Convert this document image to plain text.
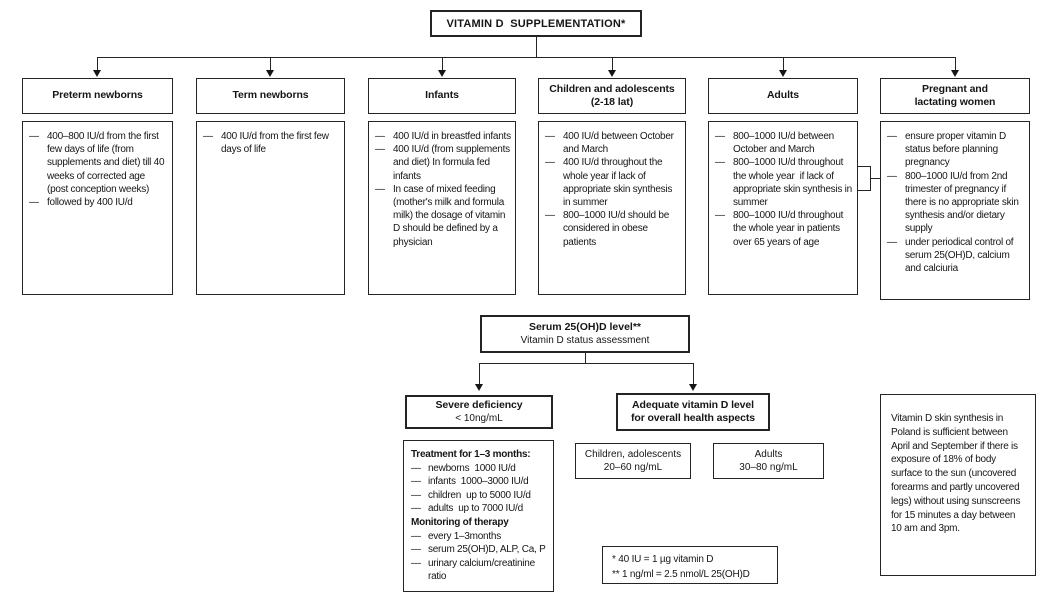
VITAMIN D  SUPPLEMENTATION*
Preterm newborns	Term newborns	Infants
Children and adolescents
(2-18 lat)
Adults
Pregnant and
lactating women
—
400–800 IU/d from the first few days of life (from supplements and diet) till 40 weeks of corrected age (post conception weeks)
—
followed by 400 IU/d
—
400 IU/d from the first few days of life
—
400 IU/d in breastfed infants
—
400 IU/d (from supplements and diet) In formula fed infants
—
In case of mixed feeding (mother's milk and formula milk) the dosage of vitamin D should be defined by a physician
—
400 IU/d between October and March
—
400 IU/d throughout the whole year if lack of appropriate skin synthesis in summer
—
800–1000 IU/d should be considered in obese patients
—
800–1000 IU/d between October and March
—
800–1000 IU/d throughout the whole year  if lack of appropriate skin synthesis in summer
—
800–1000 IU/d throughout the whole year in patients over 65 years of age
—
ensure proper vitamin D status before planning pregnancy
—
800–1000 IU/d from 2nd trimester of pregnancy if there is no appropriate skin synthesis and/or dietary supply
—
under periodical control of serum 25(OH)D, calcium and calciuria
Serum 25(OH)D level**
Vitamin D status assessment
Severe deficiency
< 10ng/mL
Adequate vitamin D level for overall health aspects
Treatment for 1–3 months:
—
newborns  1000 IU/d
—
infants  1000–3000 IU/d
—
children  up to 5000 IU/d
—
adults  up to 7000 IU/d
Monitoring of therapy
—
every 1–3months
—
serum 25(OH)D, ALP, Ca, P
—
urinary calcium/creatinine ratio
Children, adolescents
20–60 ng/mL
Adults
30–80 ng/mL
* 40 IU = 1 µg vitamin D
** 1 ng/ml = 2.5 nmol/L 25(OH)D
Vitamin D skin synthesis in Poland is sufficient between April and September if there is exposure of 18% of body surface to the sun (uncovered forearms and partly uncovered legs) without using sunscreens for 15 minutes a day between 10 am and 3pm.
